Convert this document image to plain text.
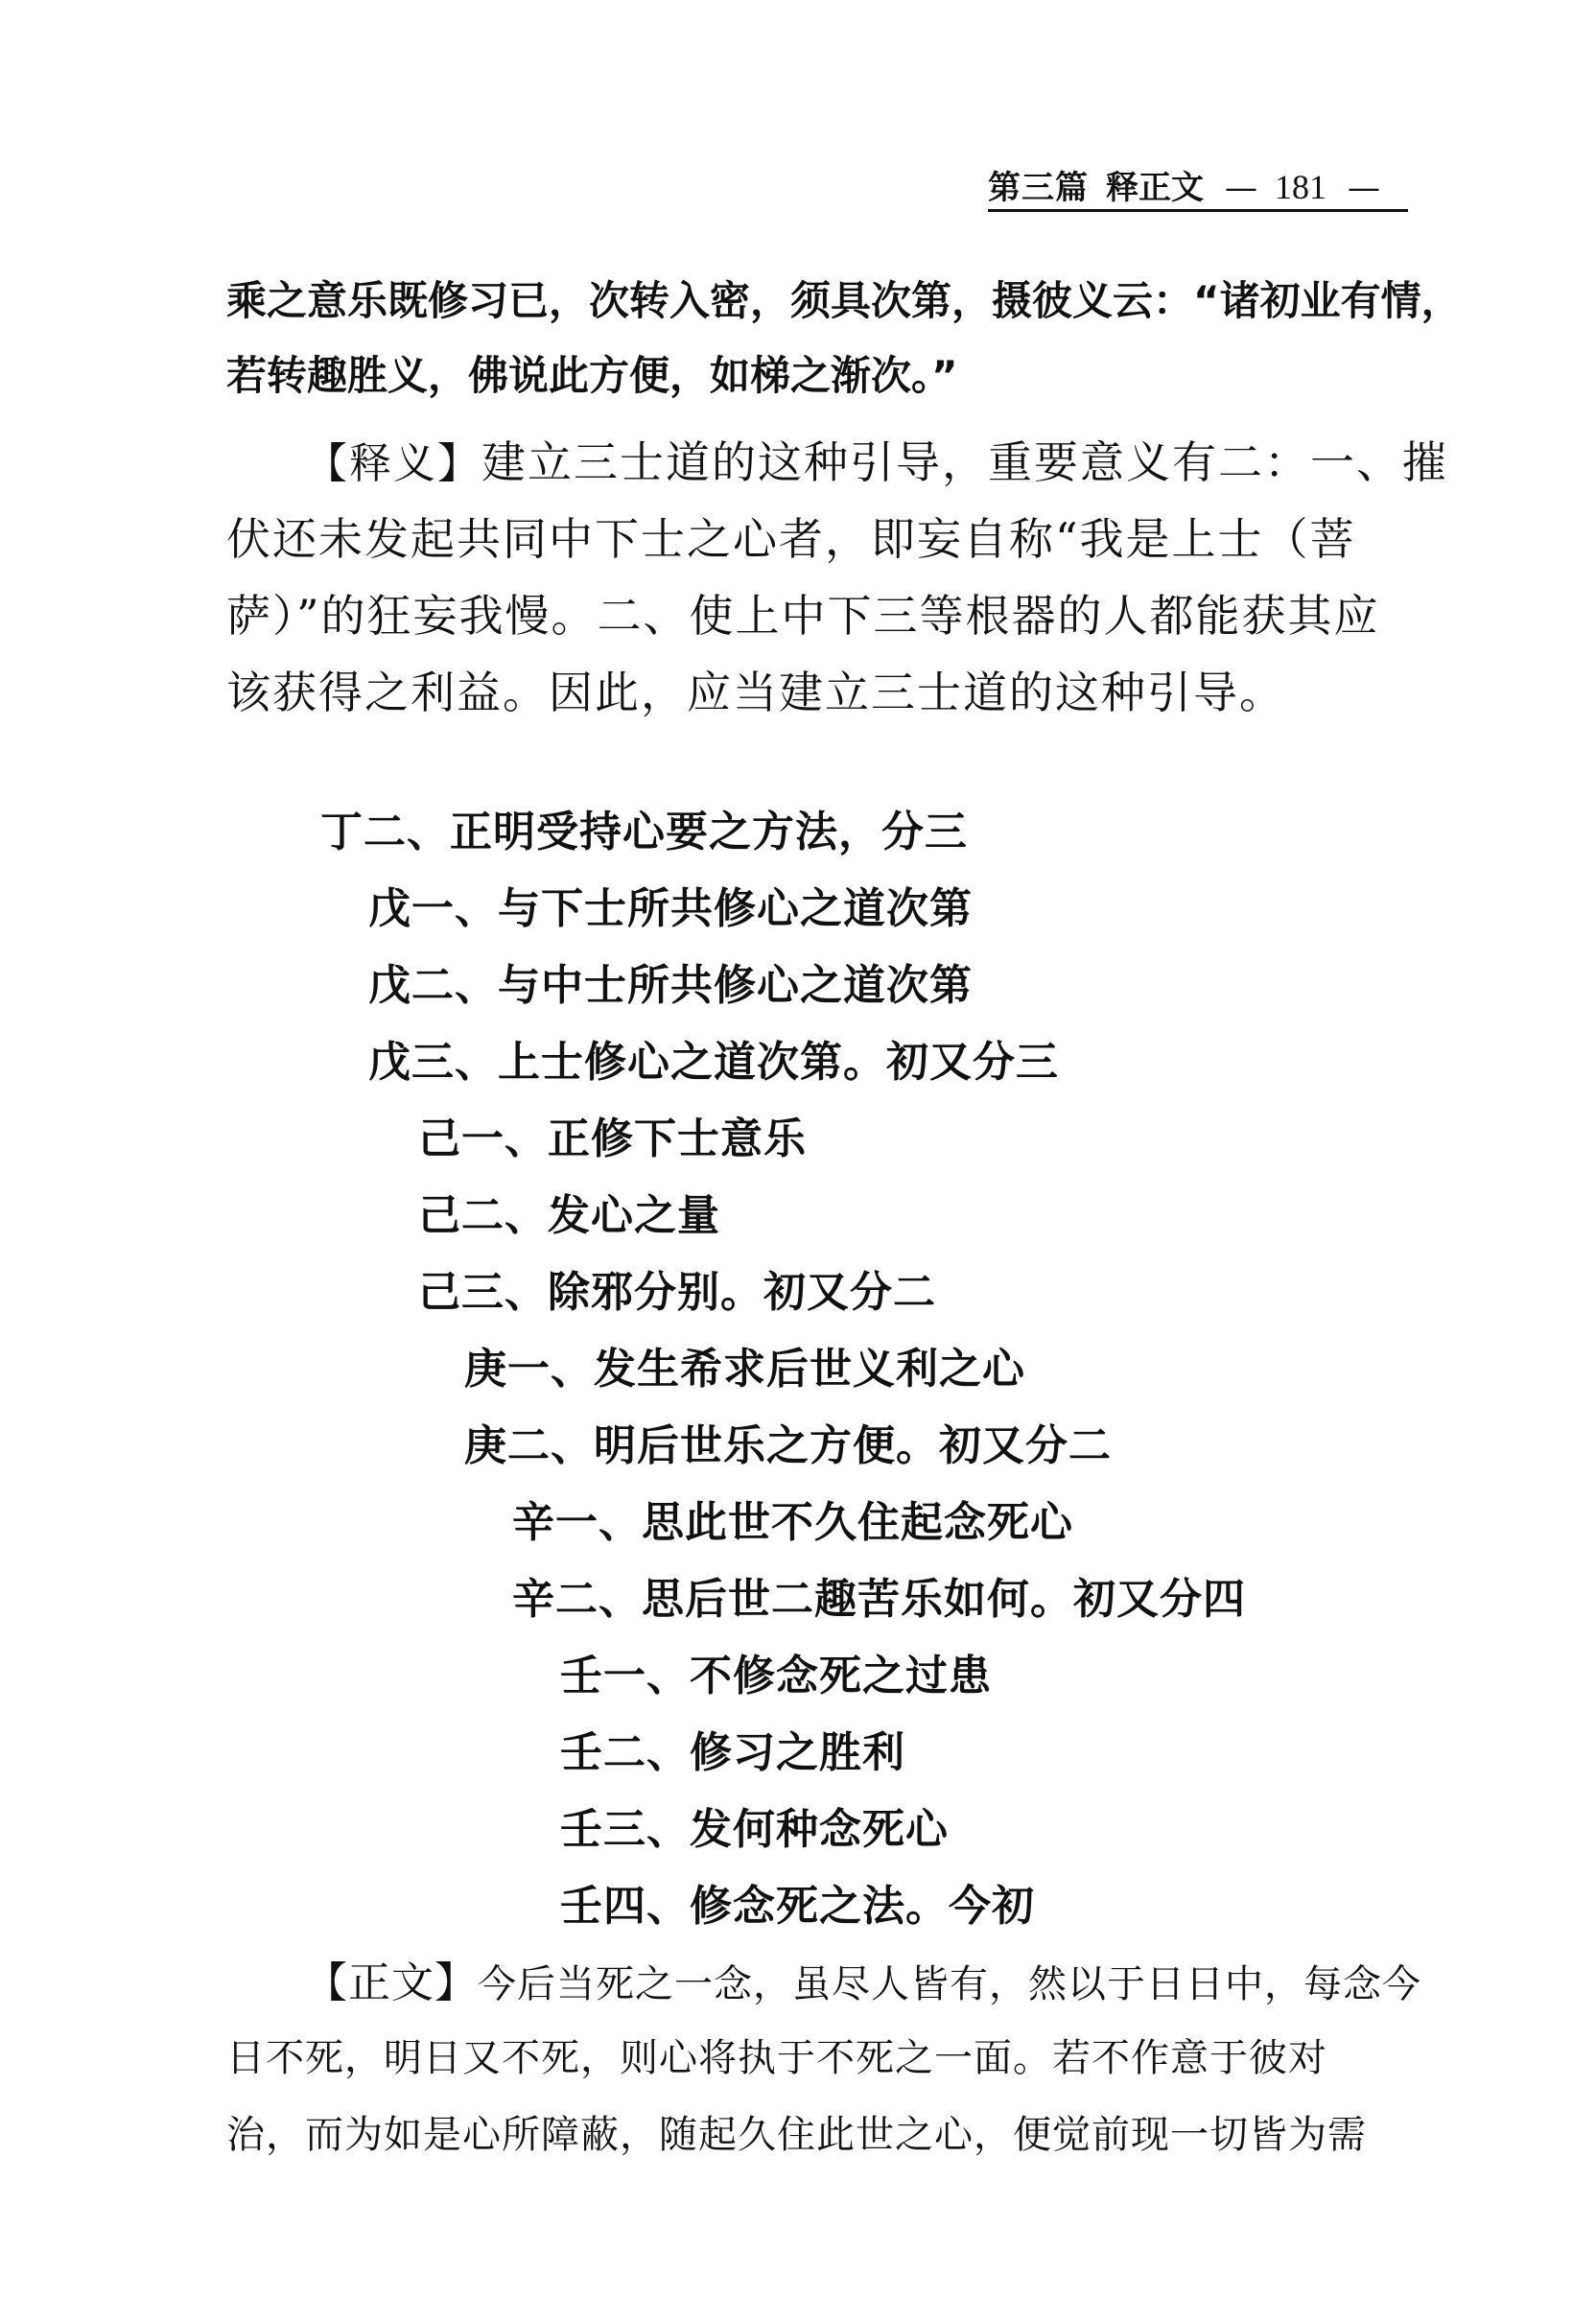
第三篇 释正文 — 181 —
乘之意乐既修习已，次转入密，须具次第，摄彼义云：“诸初业有情，
若转趣胜义，佛说此方便，如梯之渐次。”
【释义】建立三士道的这种引导，重要意义有二：一、摧
伏还未发起共同中下士之心者，即妄自称“我是上士（菩
萨）”的狂妄我慢。二、使上中下三等根器的人都能获其应
该获得之利益。因此，应当建立三士道的这种引导。
丁二、正明受持心要之方法，分三
戊一、与下士所共修心之道次第
戊二、与中士所共修心之道次第
戊三、上士修心之道次第。初又分三
己一、正修下士意乐
己二、发心之量
己三、除邪分别。初又分二
庚一、发生希求后世义利之心
庚二、明后世乐之方便。初又分二
辛一、思此世不久住起念死心
辛二、思后世二趣苦乐如何。初又分四
壬一、不修念死之过患
壬二、修习之胜利
壬三、发何种念死心
壬四、修念死之法。今初
【正文】今后当死之一念，虽尽人皆有，然以于日日中，每念今
日不死，明日又不死，则心将执于不死之一面。若不作意于彼对
治，而为如是心所障蔽，随起久住此世之心，便觉前现一切皆为需
